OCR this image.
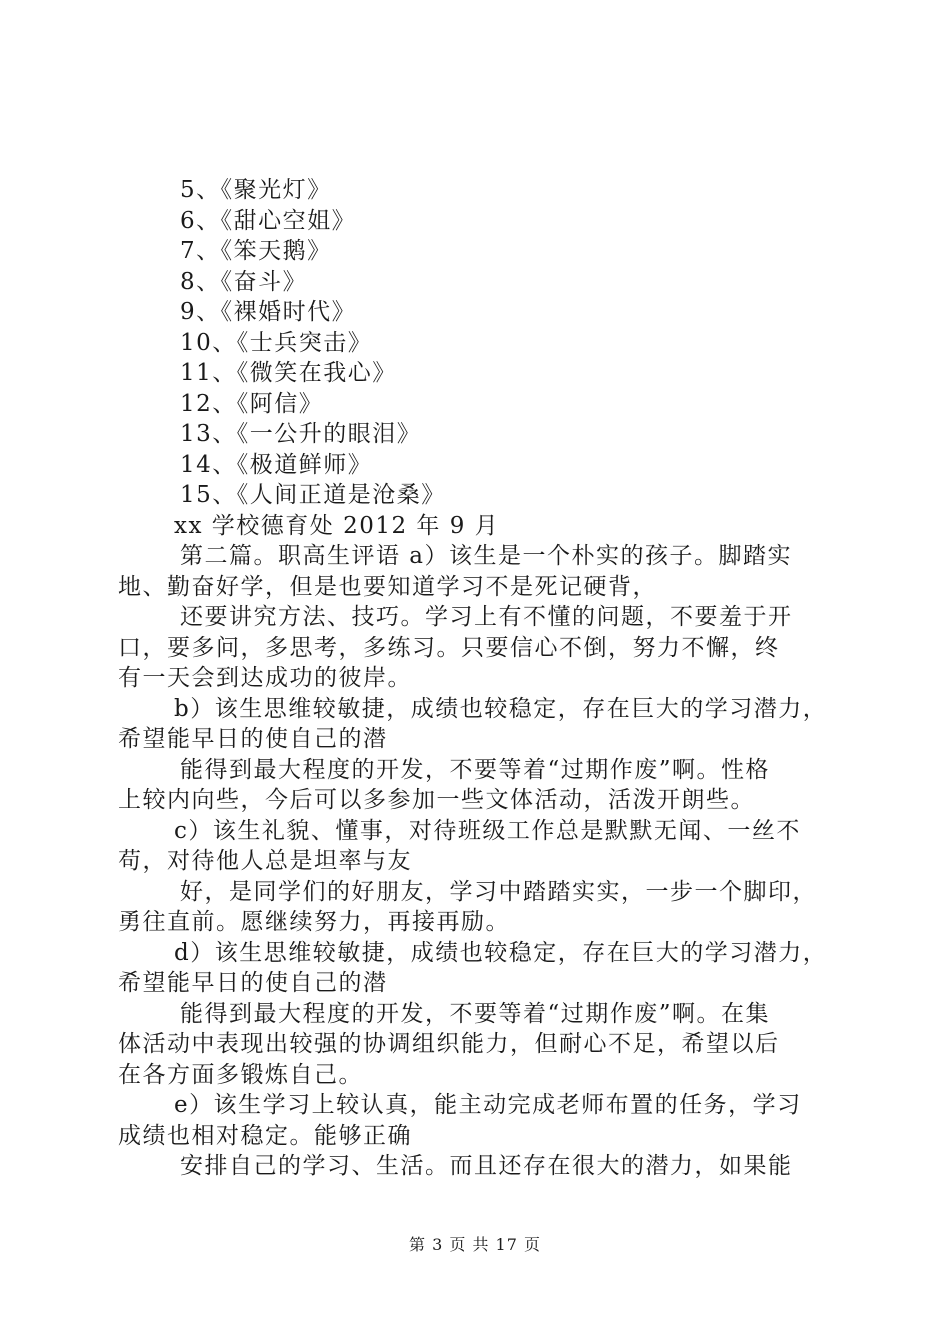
5、《聚光灯》
6、《甜心空姐》
7、《笨天鹅》
8、《奋斗》
9、《裸婚时代》
10、《士兵突击》
11、《微笑在我心》
12、《阿信》
13、《一公升的眼泪》
14、《极道鲜师》
15、《人间正道是沧桑》
xx 学校德育处 2012 年 9 月
第二篇。职高生评语 a）该生是一个朴实的孩子。脚踏实
地、勤奋好学，但是也要知道学习不是死记硬背，
还要讲究方法、技巧。学习上有不懂的问题，不要羞于开
口，要多问，多思考，多练习。只要信心不倒，努力不懈，终
有一天会到达成功的彼岸。
b）该生思维较敏捷，成绩也较稳定，存在巨大的学习潜力，
希望能早日的使自己的潜
能得到最大程度的开发，不要等着“过期作废”啊。性格
上较内向些，今后可以多参加一些文体活动，活泼开朗些。
c）该生礼貌、懂事，对待班级工作总是默默无闻、一丝不
苟，对待他人总是坦率与友
好，是同学们的好朋友，学习中踏踏实实，一步一个脚印，
勇往直前。愿继续努力，再接再励。
d）该生思维较敏捷，成绩也较稳定，存在巨大的学习潜力，
希望能早日的使自己的潜
能得到最大程度的开发，不要等着“过期作废”啊。在集
体活动中表现出较强的协调组织能力，但耐心不足，希望以后
在各方面多锻炼自己。
e）该生学习上较认真，能主动完成老师布置的任务，学习
成绩也相对稳定。能够正确
安排自己的学习、生活。而且还存在很大的潜力，如果能
第 3 页 共 17 页
